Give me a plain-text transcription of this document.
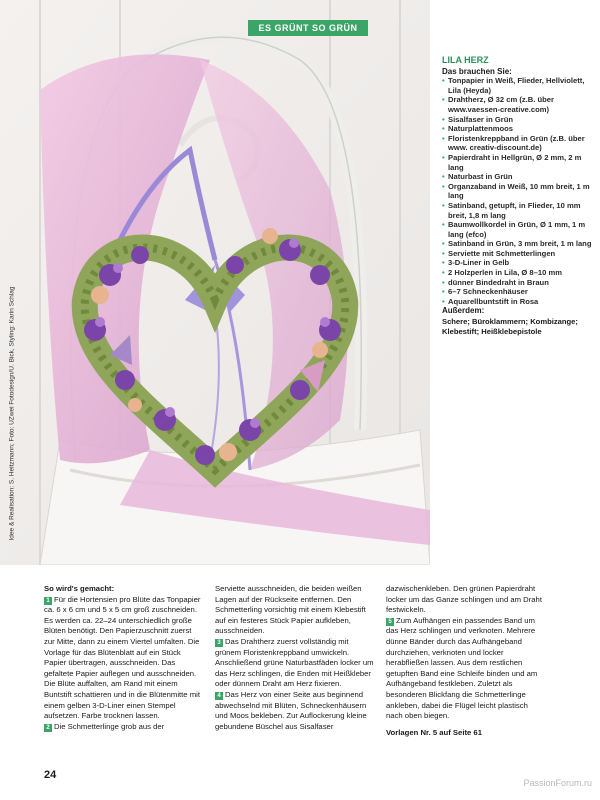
ES GRÜNT SO GRÜN
Idee & Realisation: S. Heitzmann; Foto: UZwei Fotodesign/U. Bick, Styling: Karin Schlag
LILA HERZ
Das brauchen Sie:
• Tonpapier in Weiß, Flieder, Hellviolett, Lila (Heyda)
• Drahtherz, Ø 32 cm (z.B. über www.vaessen-creative.com)
• Sisalfaser in Grün
• Naturplattenmoos
• Floristenkreppband in Grün (z.B. über www. creativ-discount.de)
• Papierdraht in Hellgrün, Ø 2 mm, 2 m lang
• Naturbast in Grün
• Organzaband in Weiß, 10 mm breit, 1 m lang
• Satinband, getupft, in Flieder, 10 mm breit, 1,8 m lang
• Baumwollkordel in Grün, Ø 1 mm, 1 m lang (efco)
• Satinband in Grün, 3 mm breit, 1 m lang
• Serviette mit Schmetterlingen
• 3-D-Liner in Gelb
• 2 Holzperlen in Lila, Ø 8–10 mm
• dünner Bindedraht in Braun
• 6–7 Schneckenhäuser
• Aquarellbuntstift in Rosa
Außerdem:
Schere; Büroklammern; Kombizange; Klebestift; Heißklebepistole

So wird's gemacht:

1 Für die Hortensien pro Blüte das Tonpapier ca. 6 x 6 cm und 5 x 5 cm groß zuschneiden. Es werden ca. 22–24 unterschiedlich große Blüten benötigt. Den Papierzuschnitt zuerst zur Mitte, dann zu einem Viertel umfalten. Die Vorlage für das Blütenblatt auf ein Stück Papier übertragen, ausschneiden. Das gefaltete Papier auflegen und ausschneiden. Die Blüte auffalten, am Rand mit einem Buntstift schattieren und in die Blütenmitte mit einem gelben 3-D-Liner einen Stempel aufsetzen. Farbe trocknen lassen.

2 Die Schmetterlinge grob aus der

Serviette ausschneiden, die beiden weißen Lagen auf der Rückseite entfernen. Den Schmetterling vorsichtig mit einem Klebestift auf ein festeres Stück Papier aufkleben, ausschneiden.

3 Das Drahtherz zuerst vollständig mit grünem Floristenkreppband umwickeln. Anschließend grüne Naturbastfäden locker um das Herz schlingen, die Enden mit Heißkleber oder dünnem Draht am Herz fixieren.

4 Das Herz von einer Seite aus beginnend abwechselnd mit Blüten, Schneckenhäusern und Moos bekleben. Zur Auflockerung kleine gebundene Büschel aus Sisalfaser

dazwischenkleben. Den grünen Papierdraht locker um das Ganze schlingen und am Draht festwickeln.

5 Zum Aufhängen ein passendes Band um das Herz schlingen und verknoten. Mehrere dünne Bänder durch das Aufhängeband durchziehen, verknoten und locker herabfließen lassen. Aus dem restlichen getupften Band eine Schleife binden und am Aufhängeband festkleben. Zuletzt als besonderen Blickfang die Schmetterlinge ankleben, dabei die Flügel leicht plastisch nach oben biegen.

Vorlagen Nr. 5 auf Seite 61

24
PassionForum.ru
